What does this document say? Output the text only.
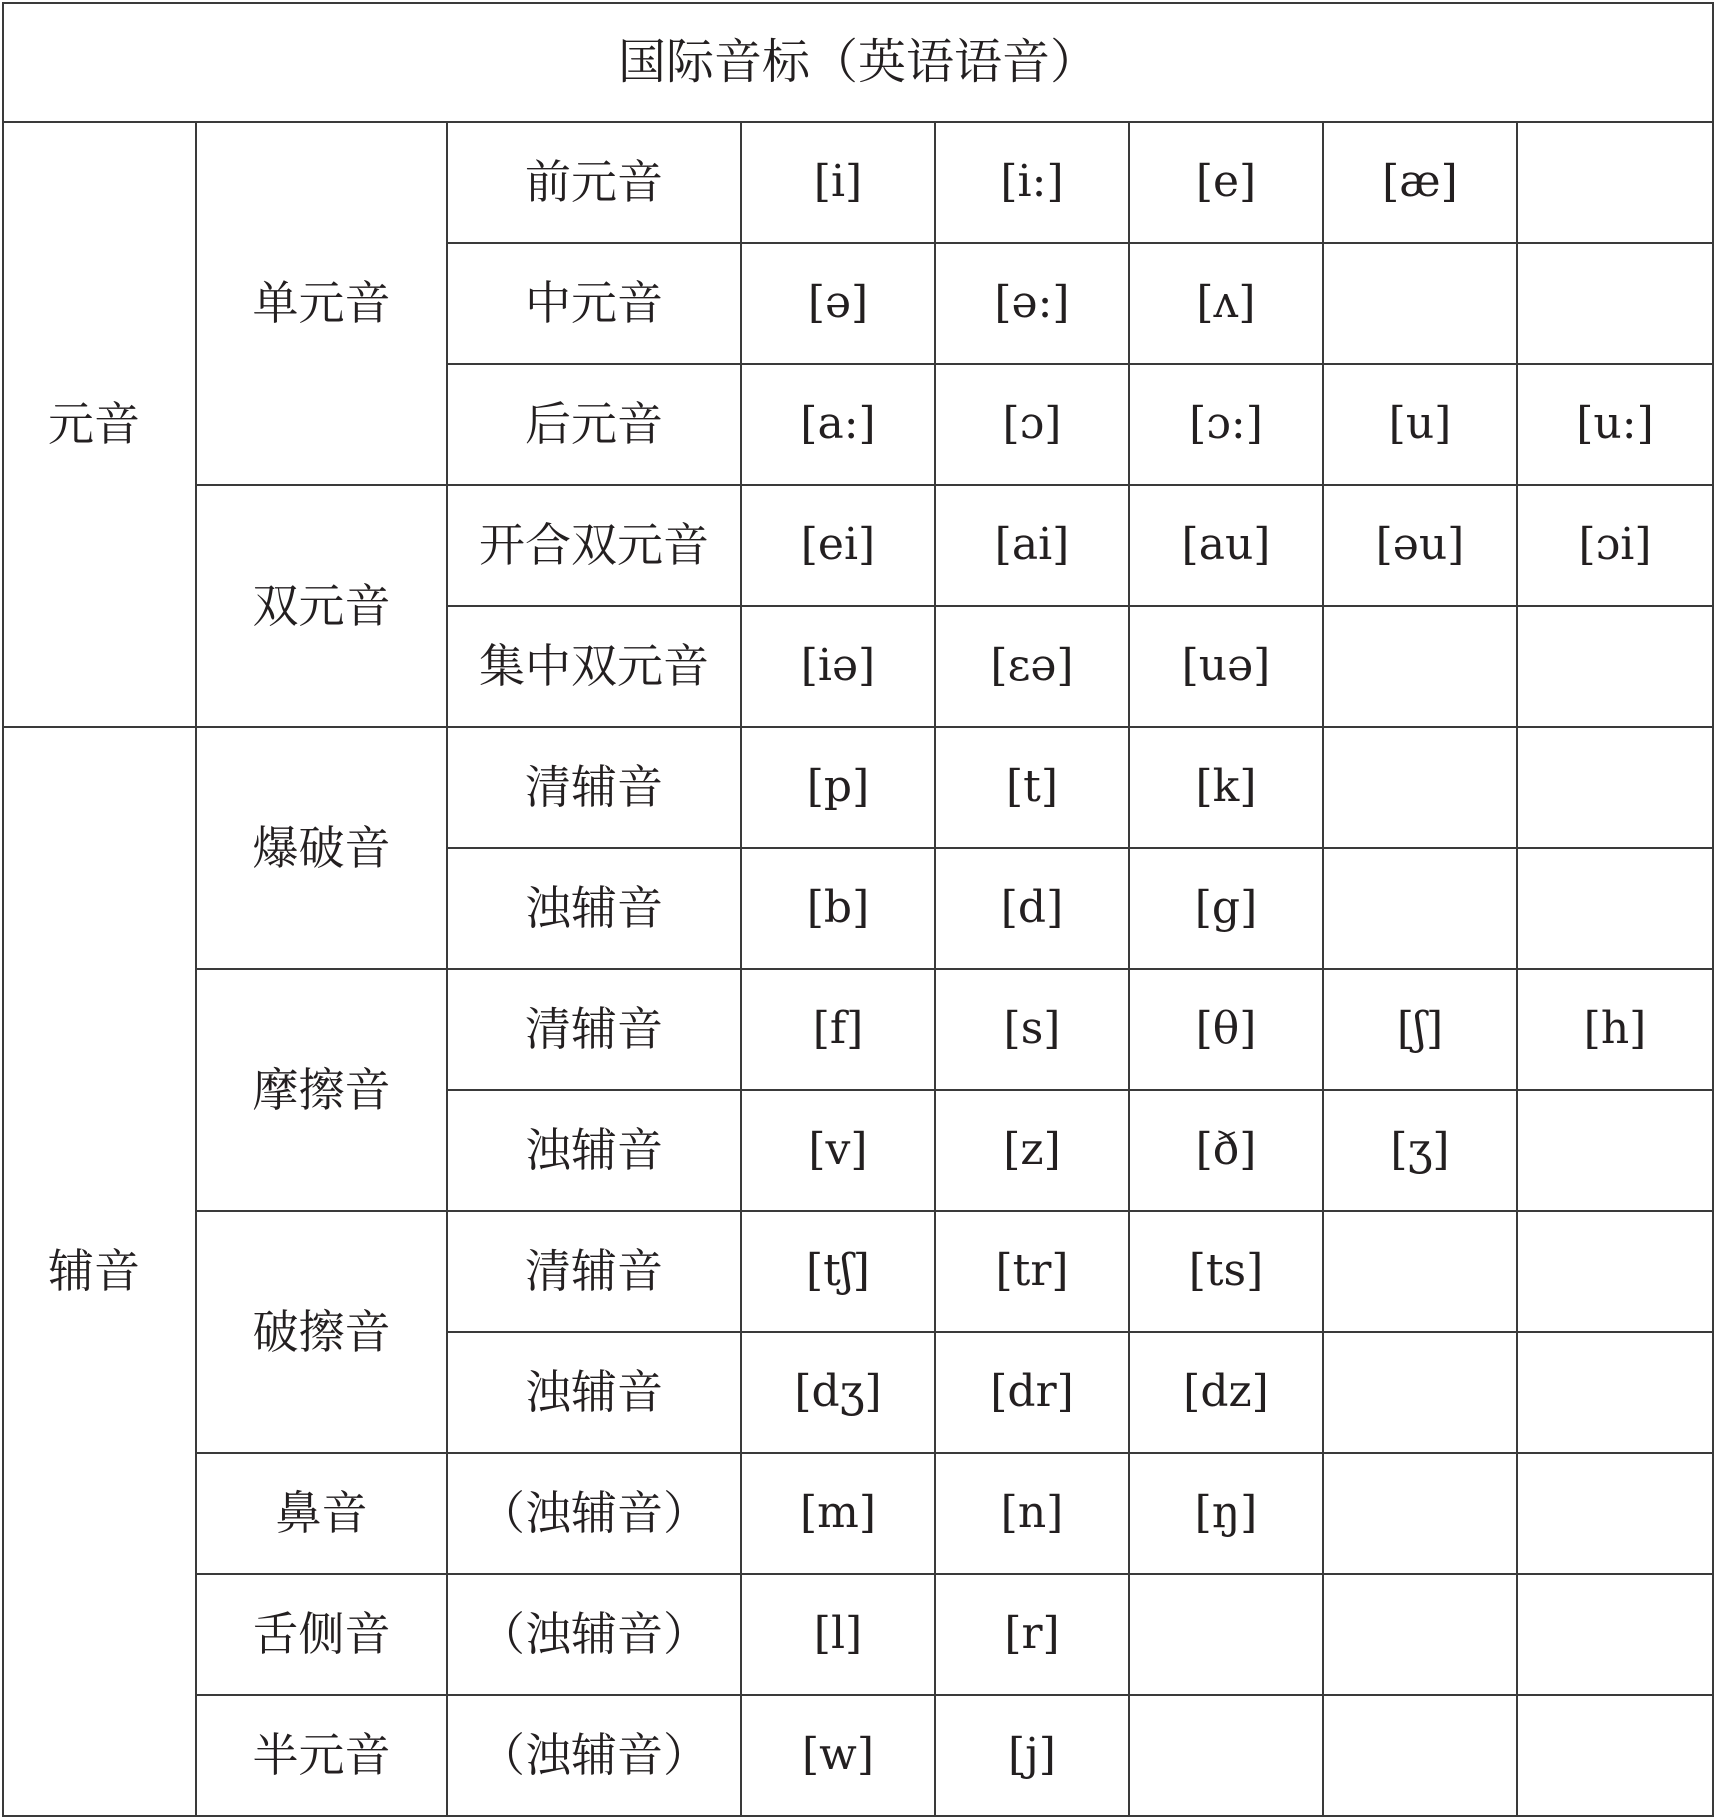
国际音标（英语语音）							
元音	单元音	前元音	[i]	[i:]	[e]	[æ]	
		中元音	[ə]	[ə:]	[ʌ]		
		后元音	[a:]	[ɔ]	[ɔ:]	[u]	[u:]
	双元音	开合双元音	[ei]	[ai]	[au]	[əu]	[ɔi]
		集中双元音	[iə]	[εə]	[uə]		
辅音	爆破音	清辅音	[p]	[t]	[k]		
		浊辅音	[b]	[d]	[g]		
	摩擦音	清辅音	[f]	[s]	[θ]	[ʃ]	[h]
		浊辅音	[v]	[z]	[ð]	[ʒ]	
	破擦音	清辅音	[tʃ]	[tr]	[ts]		
		浊辅音	[dʒ]	[dr]	[dz]		
	鼻音	（浊辅音）	[m]	[n]	[ŋ]		
	舌侧音	（浊辅音）	[l]	[r]			
	半元音	（浊辅音）	[w]	[j]			
